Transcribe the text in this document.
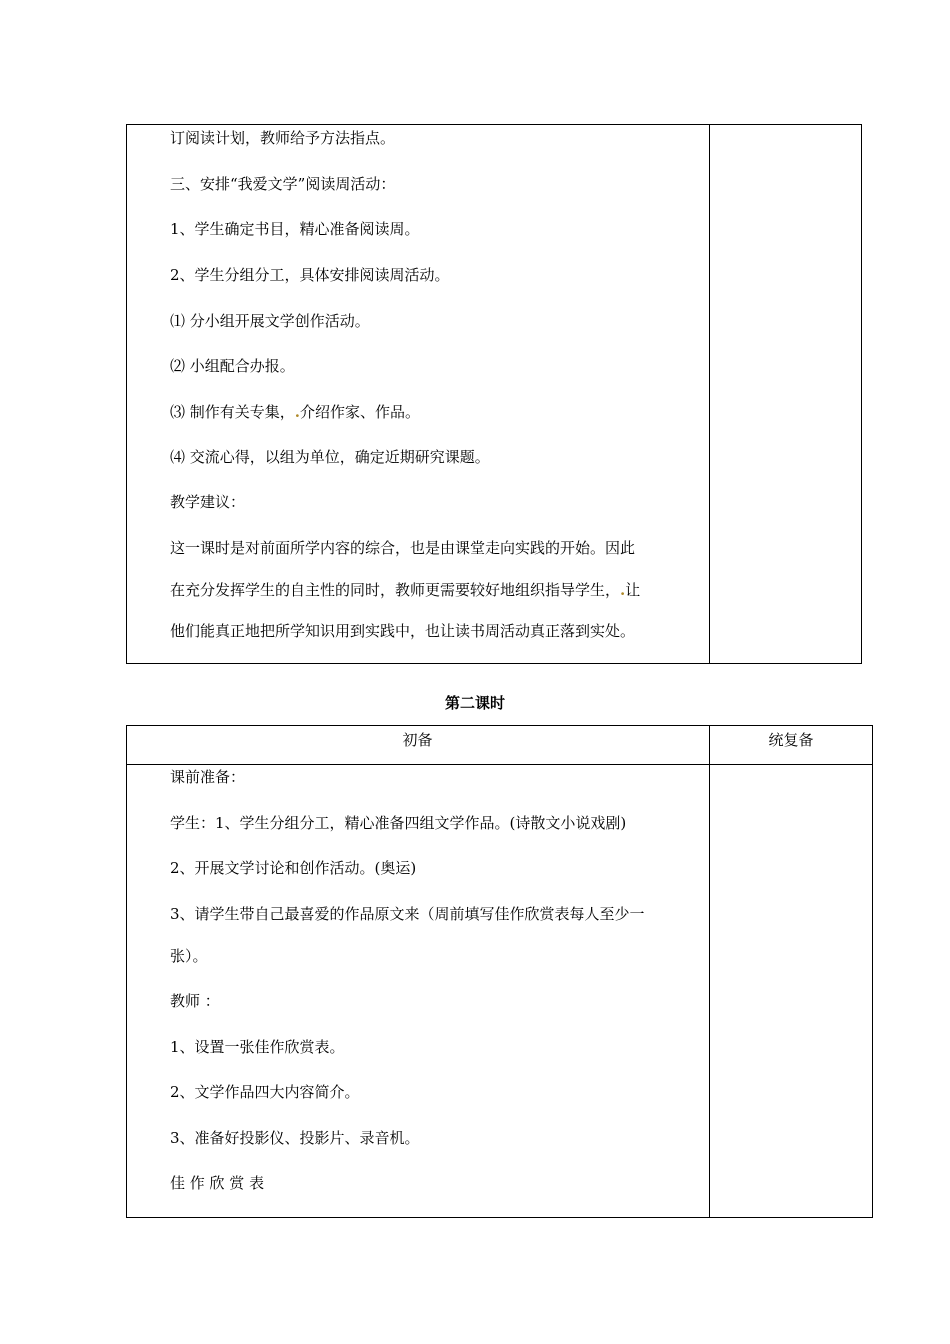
订阅读计划，教师给予方法指点。
三、安排“我爱文学”阅读周活动：
1、学生确定书目，精心准备阅读周。
2、学生分组分工，具体安排阅读周活动。
⑴ 分小组开展文学创作活动。
⑵ 小组配合办报。
⑶ 制作有关专集，.介绍作家、作品。
⑷ 交流心得，以组为单位，确定近期研究课题。
教学建议：
这一课时是对前面所学内容的综合，也是由课堂走向实践的开始。因此
在充分发挥学生的自主性的同时，教师更需要较好地组织指导学生，.让
他们能真正地把所学知识用到实践中，也让读书周活动真正落到实处。
第二课时
初备	统复备
课前准备：
学生：1、学生分组分工，精心准备四组文学作品。(诗散文小说戏剧)
2、开展文学讨论和创作活动。(奥运)
3、请学生带自己最喜爱的作品原文来（周前填写佳作欣赏表每人至少一
张）。
教师 ：
1、设置一张佳作欣赏表。
2、文学作品四大内容简介。
3、准备好投影仪、投影片、录音机。
佳 作 欣 赏 表
